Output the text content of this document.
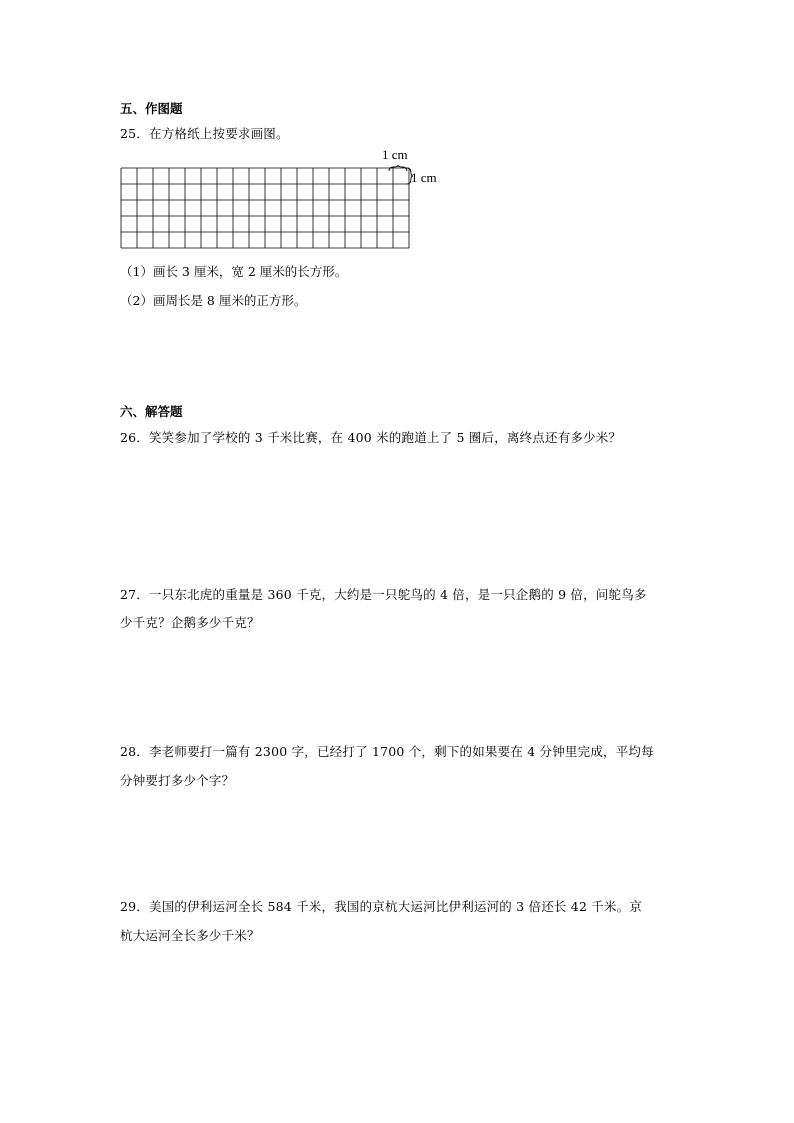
五、作图题
25．在方格纸上按要求画图。
1 cm
1 cm
（1）画长 3 厘米，宽 2 厘米的长方形。
（2）画周长是 8 厘米的正方形。
六、解答题
26．笑笑参加了学校的 3 千米比赛，在 400 米的跑道上了 5 圈后，离终点还有多少米？
27．一只东北虎的重量是 360 千克，大约是一只鸵鸟的 4 倍，是一只企鹅的 9 倍，问鸵鸟多
少千克？企鹅多少千克？
28．李老师要打一篇有 2300 字，已经打了 1700 个，剩下的如果要在 4 分钟里完成，平均每
分钟要打多少个字？
29．美国的伊利运河全长 584 千米，我国的京杭大运河比伊利运河的 3 倍还长 42 千米。京
杭大运河全长多少千米？
